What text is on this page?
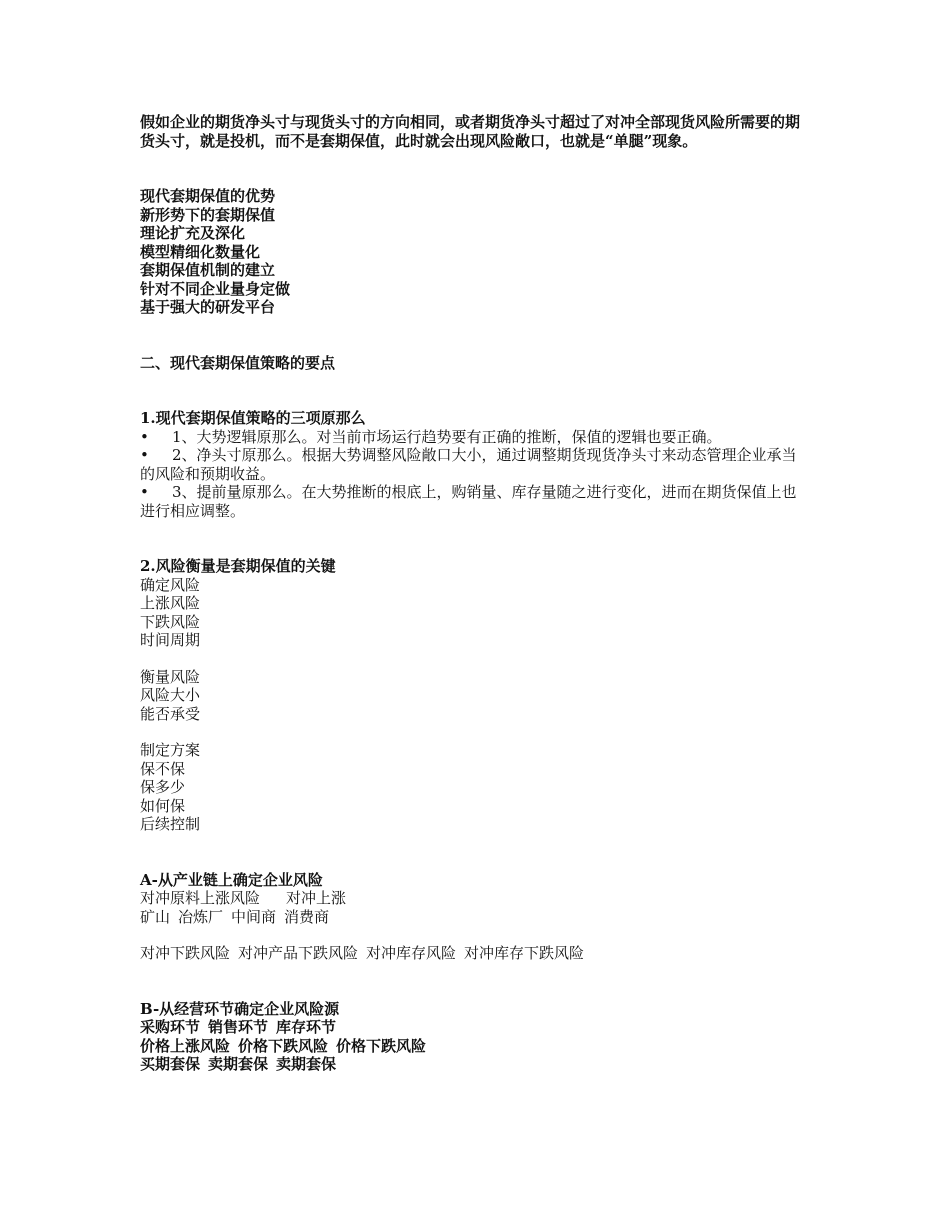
假如企业的期货净头寸与现货头寸的方向相同，或者期货净头寸超过了对冲全部现货风险所需要的期货头寸，就是投机，而不是套期保值，此时就会出现风险敞口，也就是“单腿”现象。
现代套期保值的优势
新形势下的套期保值
理论扩充及深化
模型精细化数量化
套期保值机制的建立
针对不同企业量身定做
基于强大的研发平台
二、现代套期保值策略的要点
1.现代套期保值策略的三项原那么
• 1、大势逻辑原那么。对当前市场运行趋势要有正确的推断，保值的逻辑也要正确。
• 2、净头寸原那么。根据大势调整风险敞口大小，通过调整期货现货净头寸来动态管理企业承当的风险和预期收益。
• 3、提前量原那么。在大势推断的根底上，购销量、库存量随之进行变化，进而在期货保值上也进行相应调整。
2.风险衡量是套期保值的关键
确定风险
上涨风险
下跌风险
时间周期
衡量风险
风险大小
能否承受
制定方案
保不保
保多少
如何保
后续控制
A-从产业链上确定企业风险
对冲原料上涨风险 对冲上涨
矿山 冶炼厂 中间商 消费商
对冲下跌风险 对冲产品下跌风险 对冲库存风险 对冲库存下跌风险
B-从经营环节确定企业风险源
采购环节 销售环节 库存环节
价格上涨风险 价格下跌风险 价格下跌风险
买期套保 卖期套保 卖期套保
